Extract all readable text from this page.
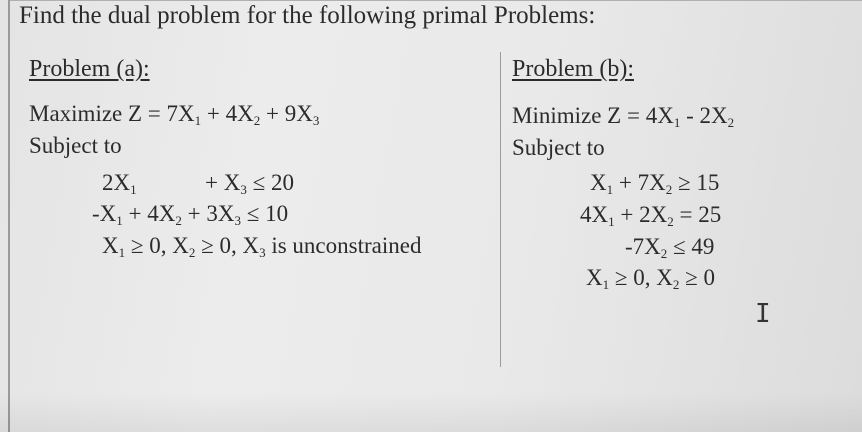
Find the dual problem for the following primal Problems:
Problem (a):	Problem (b):
Maximize $Z = 7X_1 + 4X_2 + 9X_3$
Subject to
$2X_1$	+ $X_3 \le 20$
$-X_1 + 4X_2 + 3X_3 \le 10$
$X_1 \ge 0$, $X_2 \ge 0$, $X_3$ is unconstrained
Minimize $Z = 4X_1 - 2X_2$
Subject to
$X_1 + 7X_2 \ge 15$
$4X_1 + 2X_2 = 25$
$-7X_2 \le 49$
$X_1 \ge 0$, $X_2 \ge 0$
I
